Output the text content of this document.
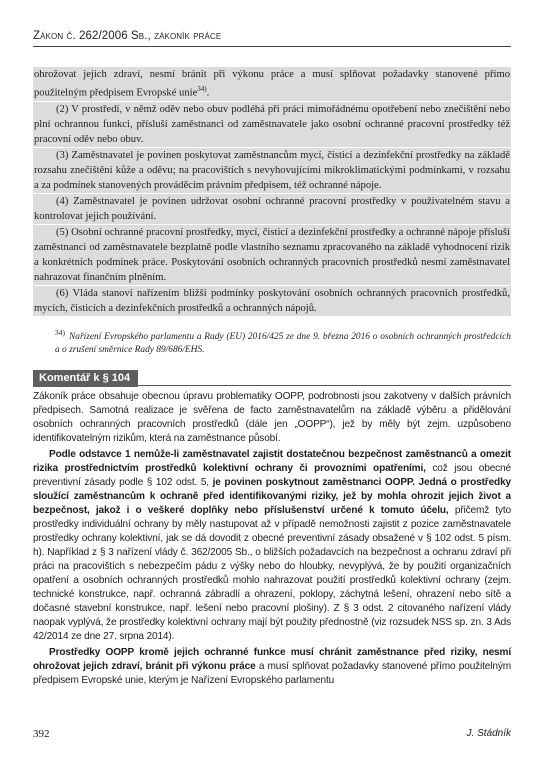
Zákon č. 262/2006 Sb., zákoník práce

ohrožovat jejich zdraví, nesmí bránit při výkonu práce a musí splňovat požadavky stanovené přímo použitelným předpisem Evropské unie$^{34)}$.

(2) V prostředí, v němž oděv nebo obuv podléhá při práci mimořádnému opotřebení nebo znečištění nebo plní ochrannou funkci, přísluší zaměstnanci od zaměstnavatele jako osobní ochranné pracovní prostředky též pracovní oděv nebo obuv.

(3) Zaměstnavatel je povinen poskytovat zaměstnancům mycí, čisticí a dezinfekční prostředky na základě rozsahu znečištění kůže a oděvu; na pracovištích s nevyhovujícími mikroklimatickými podmínkami, v rozsahu a za podmínek stanovených prováděcím právním předpisem, též ochranné nápoje.

(4) Zaměstnavatel je povinen udržovat osobní ochranné pracovní prostředky v použivatelném stavu a kontrolovat jejich používání.

(5) Osobní ochranné pracovní prostředky, mycí, čisticí a dezinfekční prostředky a ochranné nápoje přísluší zaměstnanci od zaměstnavatele bezplatně podle vlastního seznamu zpracovaného na základě vyhodnocení rizik a konkrétních podmínek práce. Poskytování osobních ochranných pracovních prostředků nesmí zaměstnavatel nahrazovat finančním plněním.

(6) Vláda stanoví nařízením bližší podmínky poskytování osobních ochranných pracovních prostředků, mycích, čisticích a dezinfekčních prostředků a ochranných nápojů.

$^{34)}$ Nařízení Evropského parlamentu a Rady (EU) 2016/425 ze dne 9. března 2016 o osobních ochranných prostředcích a o zrušení směrnice Rady 89/686/EHS.
Komentář k § 104

Zákoník práce obsahuje obecnou úpravu problematiky OOPP, podrobnosti jsou zakotveny v dalších právních předpisech. Samotná realizace je svěřena de facto zaměstnavatelům na základě výběru a přidělování osobních ochranných pracovních prostředků (dále jen „OOPP“), jež by měly být zejm. uzpůsobeno identifikovatelným rizikům, která na zaměstnance působí.

Podle odstavce 1 nemůže-li zaměstnavatel zajistit dostatečnou bezpečnost zaměstnanců a omezit rizika prostřednictvím prostředků kolektivní ochrany či provozními opatřeními, což jsou obecné preventivní zásady podle § 102 odst. 5, je povinen poskytnout zaměstnanci OOPP. Jedná o prostředky sloužící zaměstnancům k ochraně před identifikovanými riziky, jež by mohla ohrozit jejich život a bezpečnost, jakož i o veškeré doplňky nebo příslušenství určené k tomuto účelu, přičemž tyto prostředky individuální ochrany by měly nastupovat až v případě nemožnosti zajistit z pozice zaměstnavatele prostředky ochrany kolektivní, jak se dá dovodit z obecné preventivní zásady obsažené v § 102 odst. 5 písm. h). Například z § 3 nařízení vlády č. 362/2005 Sb., o bližších požadavcích na bezpečnost a ochranu zdraví při práci na pracovištích s nebezpečím pádu z výšky nebo do hloubky, nevyplývá, že by použití organizačních opatření a osobních ochranných prostředků mohlo nahrazovat použití prostředků kolektivní ochrany (zejm. technické konstrukce, např. ochranná zábradlí a ohrazení, poklopy, záchytná lešení, ohrazení nebo sítě a dočasné stavební konstrukce, např. lešení nebo pracovní plošiny). Z § 3 odst. 2 citovaného nařízení vlády naopak vyplývá, že prostředky kolektivní ochrany mají být použity přednostně (viz rozsudek NSS sp. zn. 3 Ads 42/2014 ze dne 27. srpna 2014).

Prostředky OOPP kromě jejich ochranné funkce musí chránit zaměstnance před riziky, nesmí ohrožovat jejich zdraví, bránit při výkonu práce a musí splňovat požadavky stanovené přímo použitelným předpisem Evropské unie, kterým je Nařízení Evropského parlamentu

392	J. Stádník
